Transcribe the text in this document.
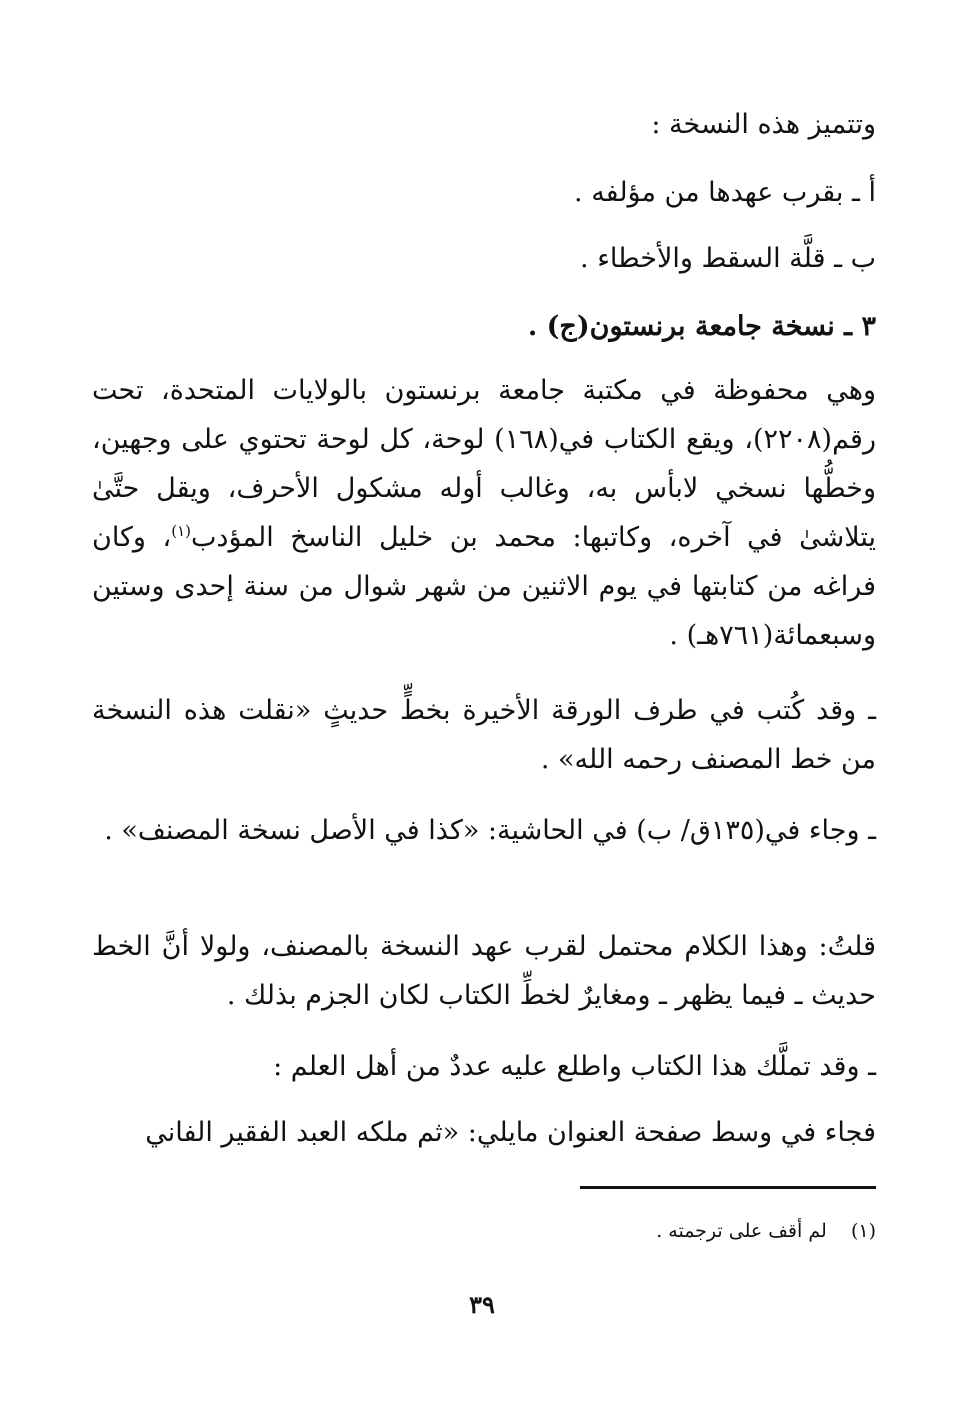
وتتميز هذه النسخة :
أ ـ بقرب عهدها من مؤلفه .
ب ـ قلَّة السقط والأخطاء .
٣ ـ نسخة جامعة برنستون(ج) .
وهي محفوظة في مكتبة جامعة برنستون بالولايات المتحدة، تحت رقم(٢٢٠٨)، ويقع الكتاب في(١٦٨) لوحة، كل لوحة تحتوي على وجهين، وخطُّها نسخي لابأس به، وغالب أوله مشكول الأحرف، ويقل حتَّىٰ يتلاشىٰ في آخره، وكاتبها: محمد بن خليل الناسخ المؤدب$^{(١)}$، وكان فراغه من كتابتها في يوم الاثنين من شهر شوال من سنة إحدى وستين وسبعمائة(٧٦١هـ) .
ـ وقد كُتب في طرف الورقة الأخيرة بخطٍّ حديثٍ «نقلت هذه النسخة من خط المصنف رحمه الله» .
ـ وجاء في(١٣٥ق/ ب) في الحاشية: «كذا في الأصل نسخة المصنف» .
قلتُ: وهذا الكلام محتمل لقرب عهد النسخة بالمصنف، ولولا أنَّ الخط حديث ـ فيما يظهر ـ ومغايرٌ لخطِّ الكتاب لكان الجزم بذلك .
ـ وقد تملَّك هذا الكتاب واطلع عليه عددٌ من أهل العلم :
فجاء في وسط صفحة العنوان مايلي: «ثم ملكه العبد الفقير الفاني
(١)    لم أقف على ترجمته .
٣٩
